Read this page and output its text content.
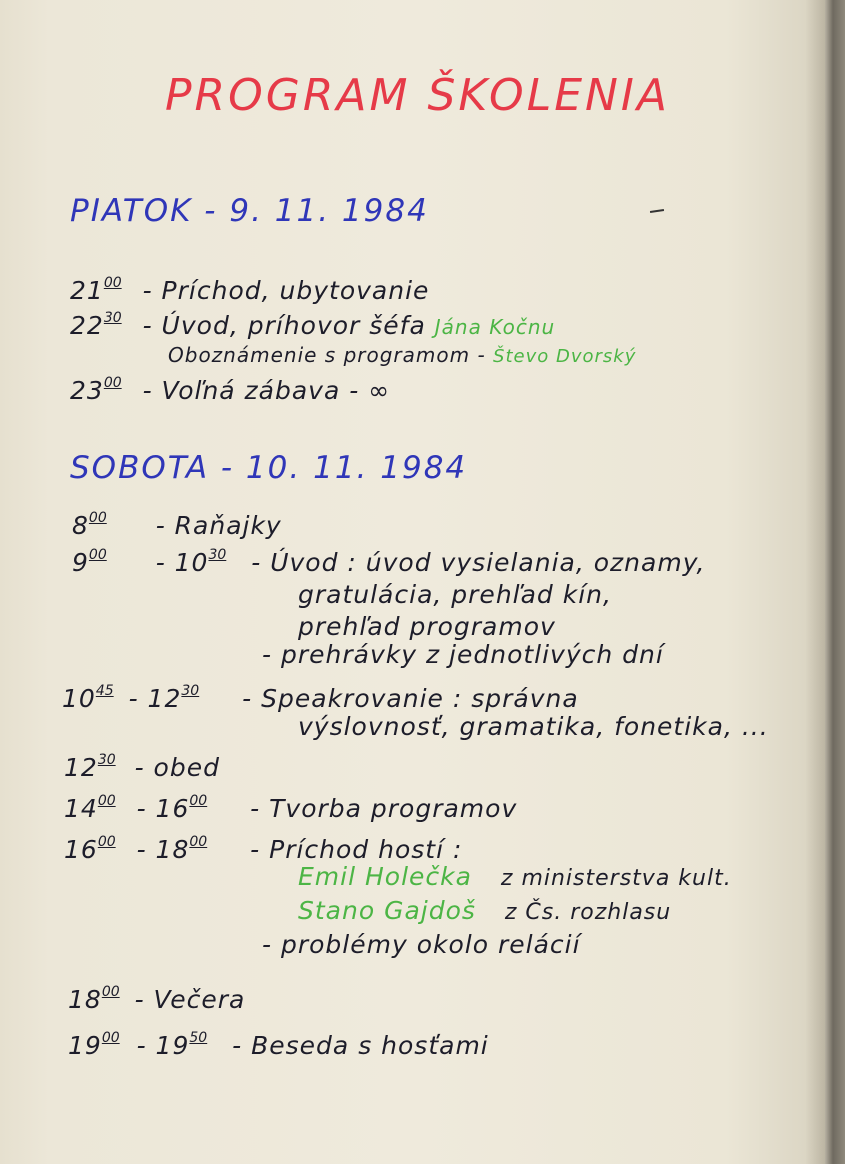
PROGRAM ŠKOLENIA
PIATOK - 9. 11. 1984
$21^{00}$ - Príchod, ubytovanie
$22^{30}$ - Úvod, príhovor šéfa Jána Kočnu
Oboznámenie s programom - Števo Dvorský
$23^{00}$ - Voľná zábava - ∞
SOBOTA - 10. 11. 1984
$8^{00}$ - Raňajky
$9^{00} - 10^{30}$ - Úvod : úvod vysielania, oznamy,
gratulácia, prehľad kín,
prehľad programov
- prehrávky z jednotlivých dní
$10^{45} - 12^{30}$ - Speakrovanie : správna
výslovnosť, gramatika, fonetika, ...
$12^{30}$ - obed
$14^{00} - 16^{00}$ - Tvorba programov
$16^{00} - 18^{00}$ - Príchod hostí :
Emil Holečka z ministerstva kult.
Stano Gajdoš z Čs. rozhlasu
- problémy okolo relácií
$18^{00}$ - Večera
$19^{00} - 19^{50}$ - Beseda s hosťami
